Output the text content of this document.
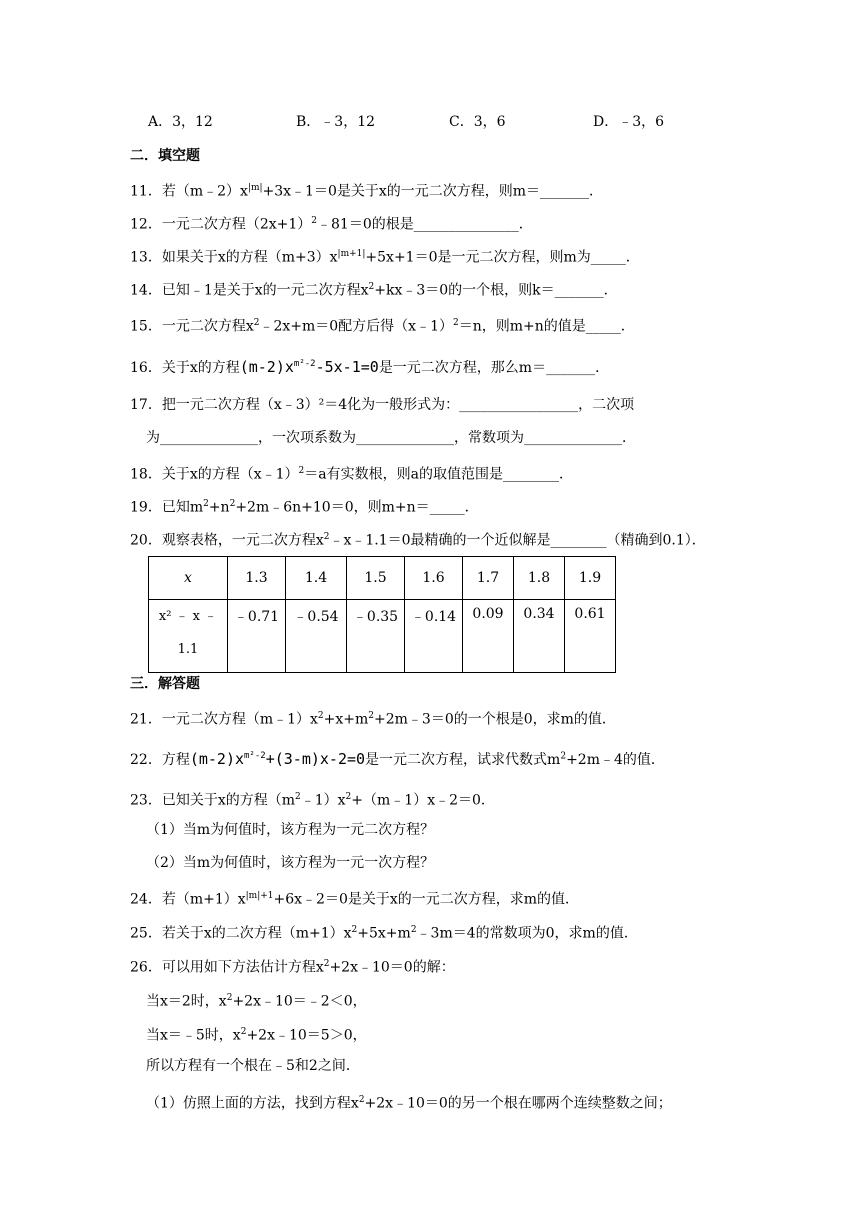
A．3，12	B．﹣3，12	C．3，6	D．﹣3，6
二．填空题
11．若$(m﹣2)x^{|m|}+3x﹣1=0$是关于x的一元二次方程，则m＝_______．
12．一元二次方程$(2x+1)^2﹣81=0$的根是_______________．
13．如果关于x的方程$(m+3)x^{|m+1|}+5x+1=0$是一元二次方程，则m为_____．
14．已知﹣1是关于x的一元二次方程$x^2+kx﹣3=0$的一个根，则k＝_______．
15．一元二次方程$x^2﹣2x+m=0$配方后得（x﹣1）$^2$＝n，则m+n的值是_____．
16．关于x的方程$(m-2)x^{m^2-2}-5x-1=0$是一元二次方程，那么m＝_______．
17．把一元二次方程（x﹣3）²＝4化为一般形式为：_________________，二次项
为______________，一次项系数为______________，常数项为______________．
18．关于x的方程（x﹣1）$^2$＝a有实数根，则a的取值范围是________．
19．已知$m^2+n^2+2m﹣6n+10=0$，则m+n＝_____．
20．观察表格，一元二次方程$x^2﹣x﹣1.1=0$最精确的一个近似解是________（精确到0.1）．
x	1.3	1.4	1.5	1.6	1.7	1.8	1.9
x² ﹣ x ﹣
1.1	﹣0.71	﹣0.54	﹣0.35	﹣0.14	0.09	0.34	0.61
三．解答题
21．一元二次方程$(m﹣1)x^2+x+m^2+2m﹣3=0$的一个根是0，求m的值．
22．方程$(m-2)x^{m^2-2}+(3-m)x-2=0$是一元二次方程，试求代数式$m^2+2m﹣4$的值．
23．已知关于x的方程$(m^2﹣1)x^2+(m﹣1)x﹣2=0$．
（1）当m为何值时，该方程为一元二次方程？
（2）当m为何值时，该方程为一元一次方程？
24．若$(m+1)x^{|m|+1}+6x﹣2=0$是关于x的一元二次方程，求m的值．
25．若关于x的二次方程$(m+1)x^2+5x+m^2﹣3m=4$的常数项为0，求m的值．
26．可以用如下方法估计方程$x^2+2x﹣10=0$的解：
当x＝2时，$x^2+2x﹣10=﹣2<0$，
当x＝﹣5时，$x^2+2x﹣10=5>0$，
所以方程有一个根在﹣5和2之间．
（1）仿照上面的方法，找到方程$x^2+2x﹣10=0$的另一个根在哪两个连续整数之间；
